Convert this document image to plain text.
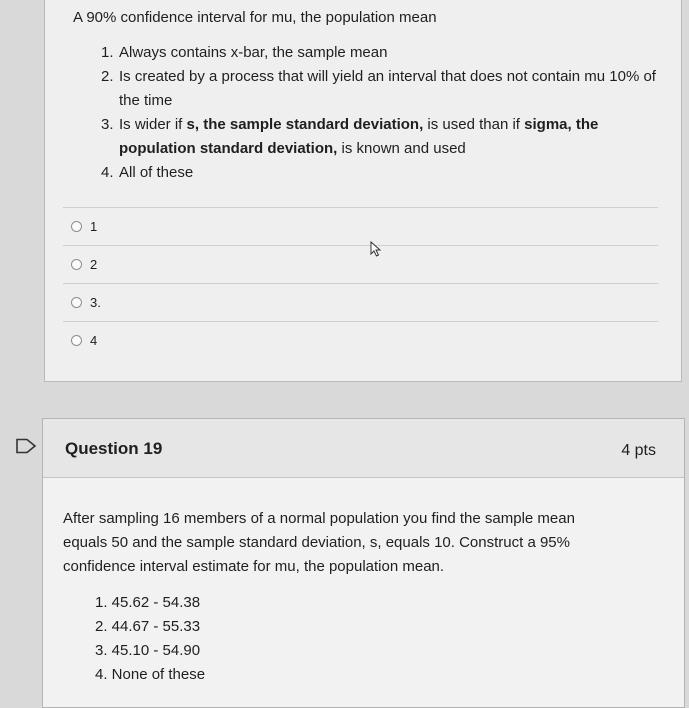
A 90% confidence interval for mu, the population mean
1. Always contains x-bar, the sample mean
2. Is created by a process that will yield an interval that does not contain mu 10% of the time
3. Is wider if s, the sample standard deviation, is used than if sigma, the population standard deviation, is known and used
4. All of these
1
2
3.
4
Question 19	4 pts
After sampling 16 members of a normal population you find the sample mean equals 50 and the sample standard deviation, s, equals 10. Construct a 95% confidence interval estimate for mu, the population mean.
1. 45.62 - 54.38
2. 44.67 - 55.33
3. 45.10 - 54.90
4. None of these
